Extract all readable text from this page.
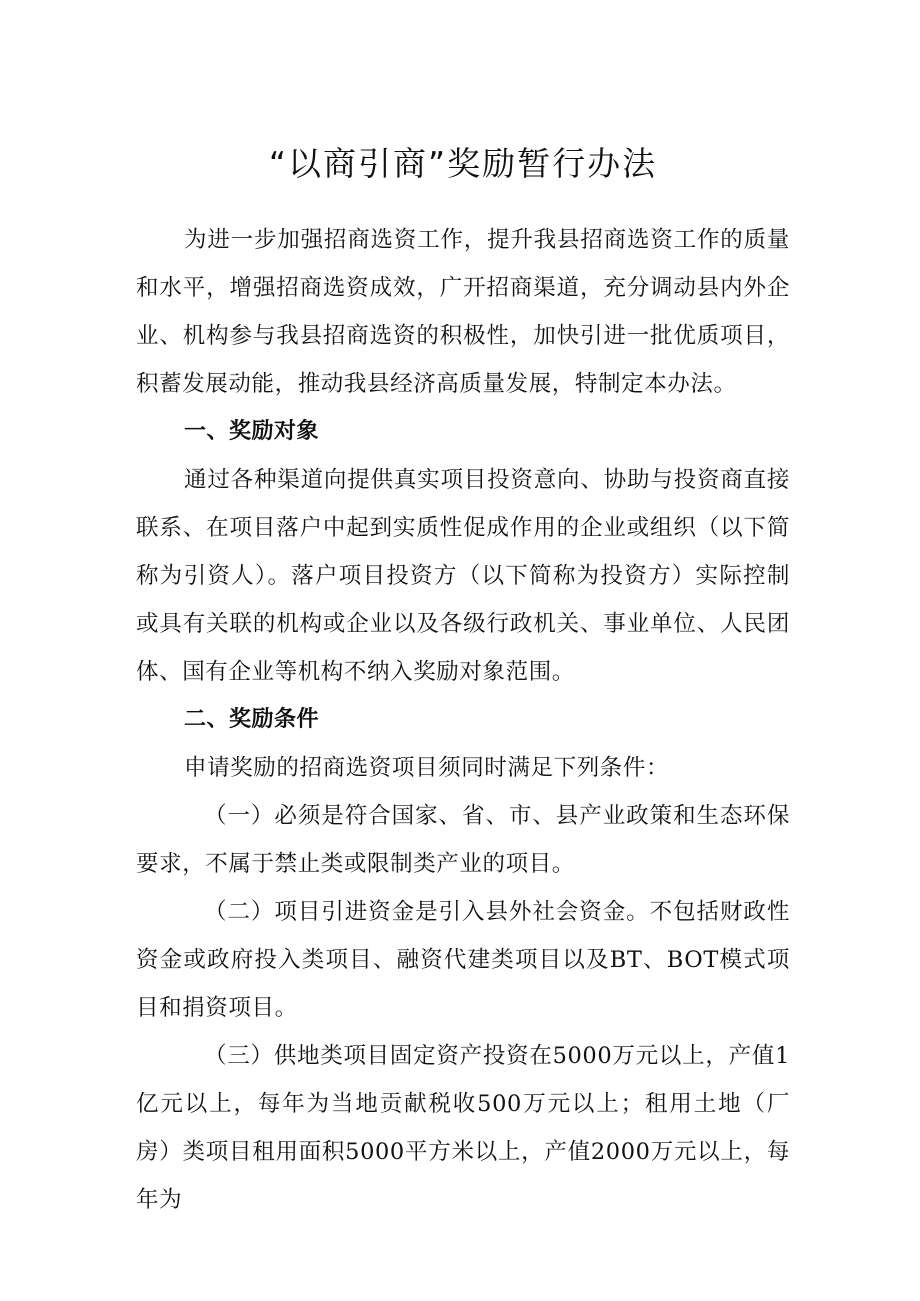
“以商引商”奖励暂行办法

为进一步加强招商选资工作，提升我县招商选资工作的质量和水平，增强招商选资成效，广开招商渠道，充分调动县内外企业、机构参与我县招商选资的积极性，加快引进一批优质项目，积蓄发展动能，推动我县经济高质量发展，特制定本办法。

一、奖励对象

通过各种渠道向提供真实项目投资意向、协助与投资商直接联系、在项目落户中起到实质性促成作用的企业或组织（以下简称为引资人）。落户项目投资方（以下简称为投资方）实际控制或具有关联的机构或企业以及各级行政机关、事业单位、人民团体、国有企业等机构不纳入奖励对象范围。

二、奖励条件

申请奖励的招商选资项目须同时满足下列条件：

（一）必须是符合国家、省、市、县产业政策和生态环保要求，不属于禁止类或限制类产业的项目。

（二）项目引进资金是引入县外社会资金。不包括财政性资金或政府投入类项目、融资代建类项目以及BT、BOT模式项目和捐资项目。

（三）供地类项目固定资产投资在5000万元以上，产值1亿元以上，每年为当地贡献税收500万元以上；租用土地（厂房）类项目租用面积5000平方米以上，产值2000万元以上，每年为
